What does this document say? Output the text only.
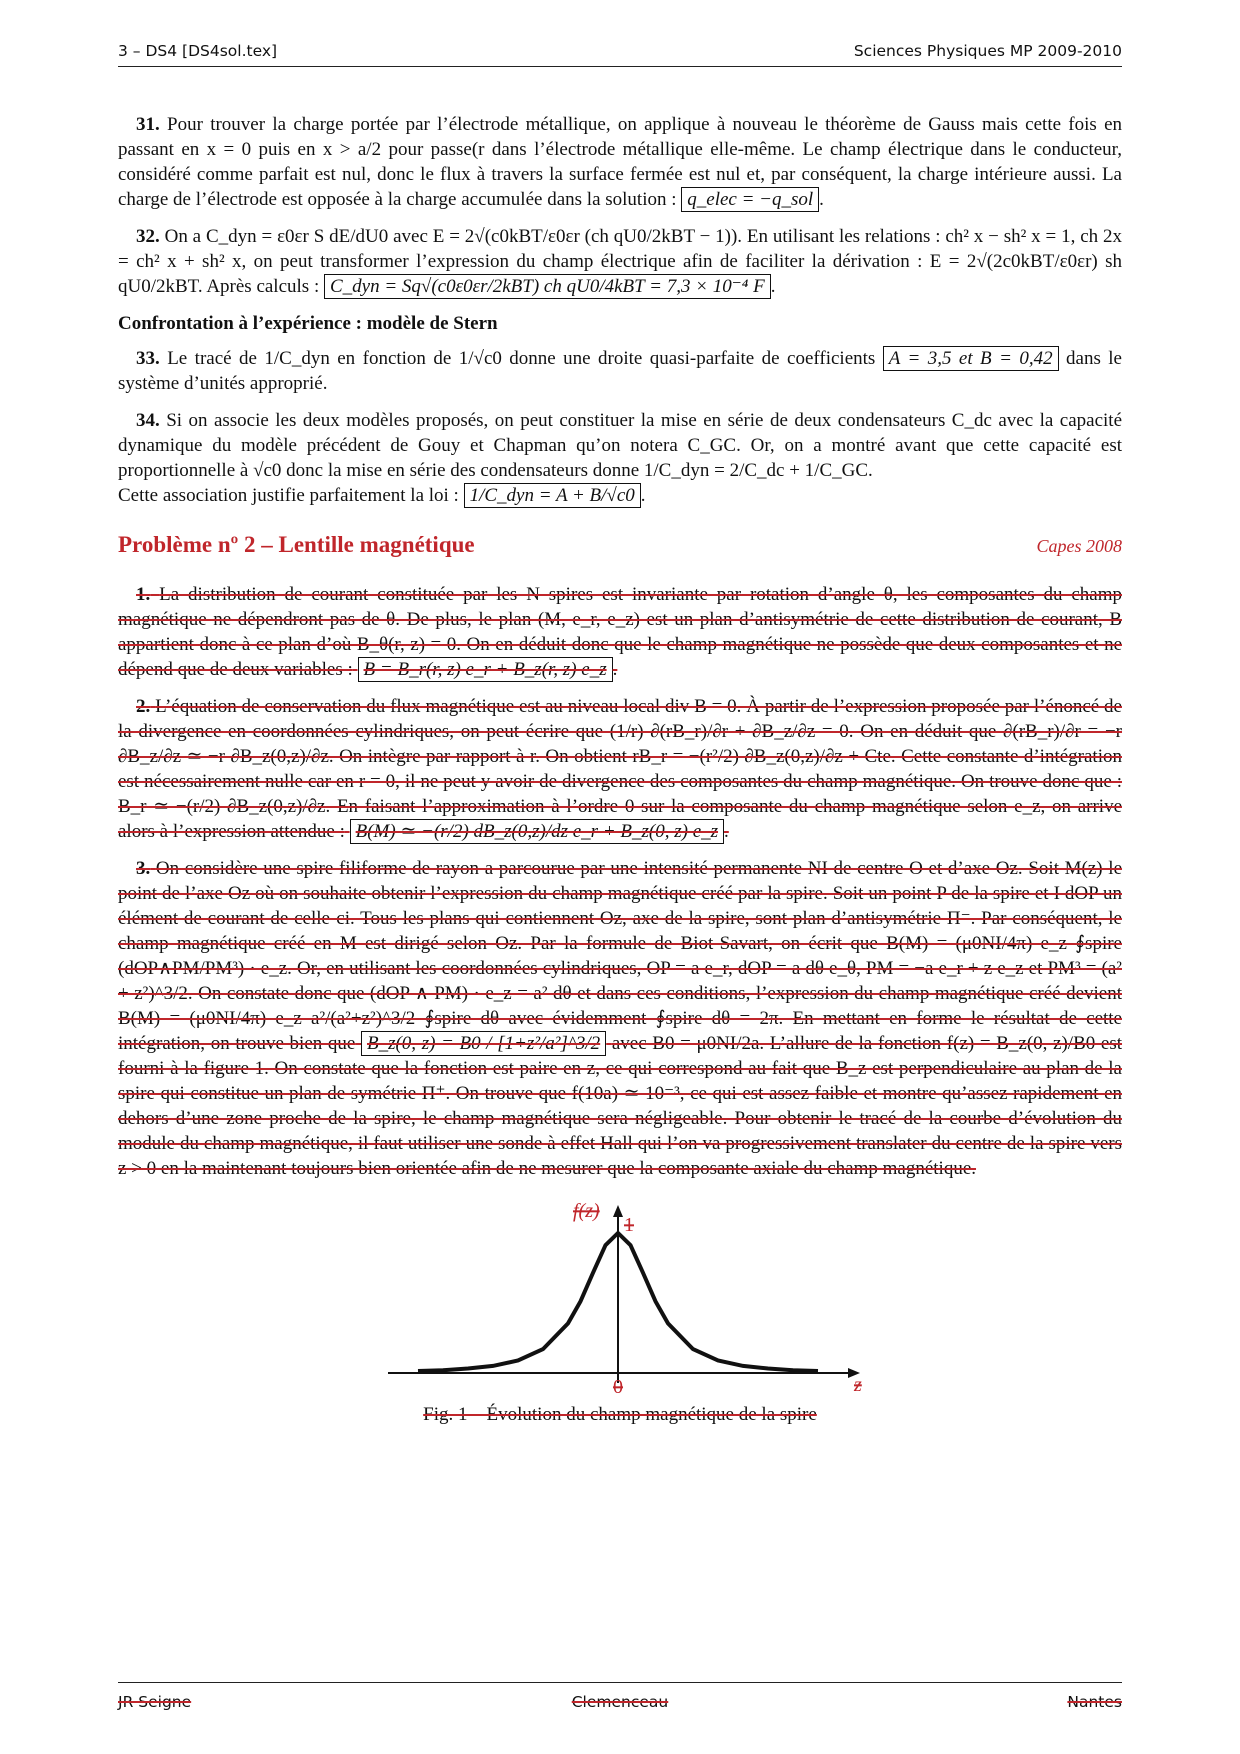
3 – DS4 [DS4sol.tex]	Sciences Physiques MP 2009-2010

31. Pour trouver la charge portée par l’électrode métallique, on applique à nouveau le théorème de Gauss mais cette fois en passant en x = 0 puis en x > a/2 pour passe(r dans l’électrode métallique elle-même. Le champ électrique dans le conducteur, considéré comme parfait est nul, donc le flux à travers la surface fermée est nul et, par conséquent, la charge intérieure aussi. La charge de l’électrode est opposée à la charge accumulée dans la solution : q_elec = −q_sol .

32. On a C_dyn = ε0εr S dE/dU0 avec E = 2√(c0kBT/ε0εr (ch qU0/2kBT − 1)). En utilisant les relations : ch² x − sh² x = 1, ch 2x = ch² x + sh² x, on peut transformer l’expression du champ électrique afin de faciliter la dérivation : E = 2√(2c0kBT/ε0εr) sh qU0/2kBT. Après calculs : C_dyn = Sq√(c0ε0εr/2kBT) ch qU0/4kBT = 7,3 × 10⁻⁴ F .

Confrontation à l’expérience : modèle de Stern

33. Le tracé de 1/C_dyn en fonction de 1/√c0 donne une droite quasi-parfaite de coefficients A = 3,5 et B = 0,42 dans le système d’unités approprié.

34. Si on associe les deux modèles proposés, on peut constituer la mise en série de deux condensateurs C_dc avec la capacité dynamique du modèle précédent de Gouy et Chapman qu’on notera C_GC. Or, on a montré avant que cette capacité est proportionnelle à √c0 donc la mise en série des condensateurs donne 1/C_dyn = 2/C_dc + 1/C_GC.
Cette association justifie parfaitement la loi : 1/C_dyn = A + B/√c0 .

Problème nº 2 – Lentille magnétique	Capes 2008

1. La distribution de courant constituée par les N spires est invariante par rotation d’angle θ, les composantes du champ magnétique ne dépendront pas de θ. De plus, le plan (M, e_r, e_z) est un plan d’antisymétrie de cette distribution de courant, B appartient donc à ce plan d’où B_θ(r, z) = 0. On en déduit donc que le champ magnétique ne possède que deux composantes et ne dépend que de deux variables : B = B_r(r, z) e_r + B_z(r, z) e_z .

2. L’équation de conservation du flux magnétique est au niveau local div B = 0. À partir de l’expression proposée par l’énoncé de la divergence en coordonnées cylindriques, on peut écrire que (1/r) ∂(rB_r)/∂r + ∂B_z/∂z = 0. On en déduit que ∂(rB_r)/∂r = −r ∂B_z/∂z ≃ −r ∂B_z(0,z)/∂z. On intègre par rapport à r. On obtient rB_r = −(r²/2) ∂B_z(0,z)/∂z + Cte. Cette constante d’intégration est nécessairement nulle car en r = 0, il ne peut y avoir de divergence des composantes du champ magnétique. On trouve donc que : B_r ≃ −(r/2) ∂B_z(0,z)/∂z. En faisant l’approximation à l’ordre 0 sur la composante du champ magnétique selon e_z, on arrive alors à l’expression attendue : B(M) ≃ −(r/2) dB_z(0,z)/dz e_r + B_z(0, z) e_z .

3. On considère une spire filiforme de rayon a parcourue par une intensité permanente NI de centre O et d’axe Oz. Soit M(z) le point de l’axe Oz où on souhaite obtenir l’expression du champ magnétique créé par la spire. Soit un point P de la spire et I dOP un élément de courant de celle-ci. Tous les plans qui contiennent Oz, axe de la spire, sont plan d’antisymétrie Π⁻. Par conséquent, le champ magnétique créé en M est dirigé selon Oz. Par la formule de Biot-Savart, on écrit que B(M) = (μ0NI/4π) e_z ∮spire (dOP∧PM/PM³) · e_z. Or, en utilisant les coordonnées cylindriques, OP = a e_r, dOP = a dθ e_θ, PM = −a e_r + z e_z et PM³ = (a² + z²)^3/2. On constate donc que (dOP ∧ PM) · e_z = a² dθ et dans ces conditions, l’expression du champ magnétique créé devient B(M) = (μ0NI/4π) e_z a²/(a²+z²)^3/2 ∮spire dθ avec évidemment ∮spire dθ = 2π. En mettant en forme le résultat de cette intégration, on trouve bien que B_z(0, z) = B0 / [1+z²/a²]^3/2 avec B0 = μ0NI/2a. L’allure de la fonction f(z) = B_z(0, z)/B0 est fourni à la figure 1. On constate que la fonction est paire en z, ce qui correspond au fait que B_z est perpendiculaire au plan de la spire qui constitue un plan de symétrie Π⁺. On trouve que f(10a) ≃ 10⁻³, ce qui est assez faible et montre qu’assez rapidement en dehors d’une zone proche de la spire, le champ magnétique sera négligeable. Pour obtenir le tracé de la courbe d’évolution du module du champ magnétique, il faut utiliser une sonde à effet Hall qui l’on va progressivement translater du centre de la spire vers z > 0 en la maintenant toujours bien orientée afin de ne mesurer que la composante axiale du champ magnétique.

f(z)
1
0	z
Fig. 1 – Évolution du champ magnétique de la spire
JR Seigne	Clemenceau	Nantes
